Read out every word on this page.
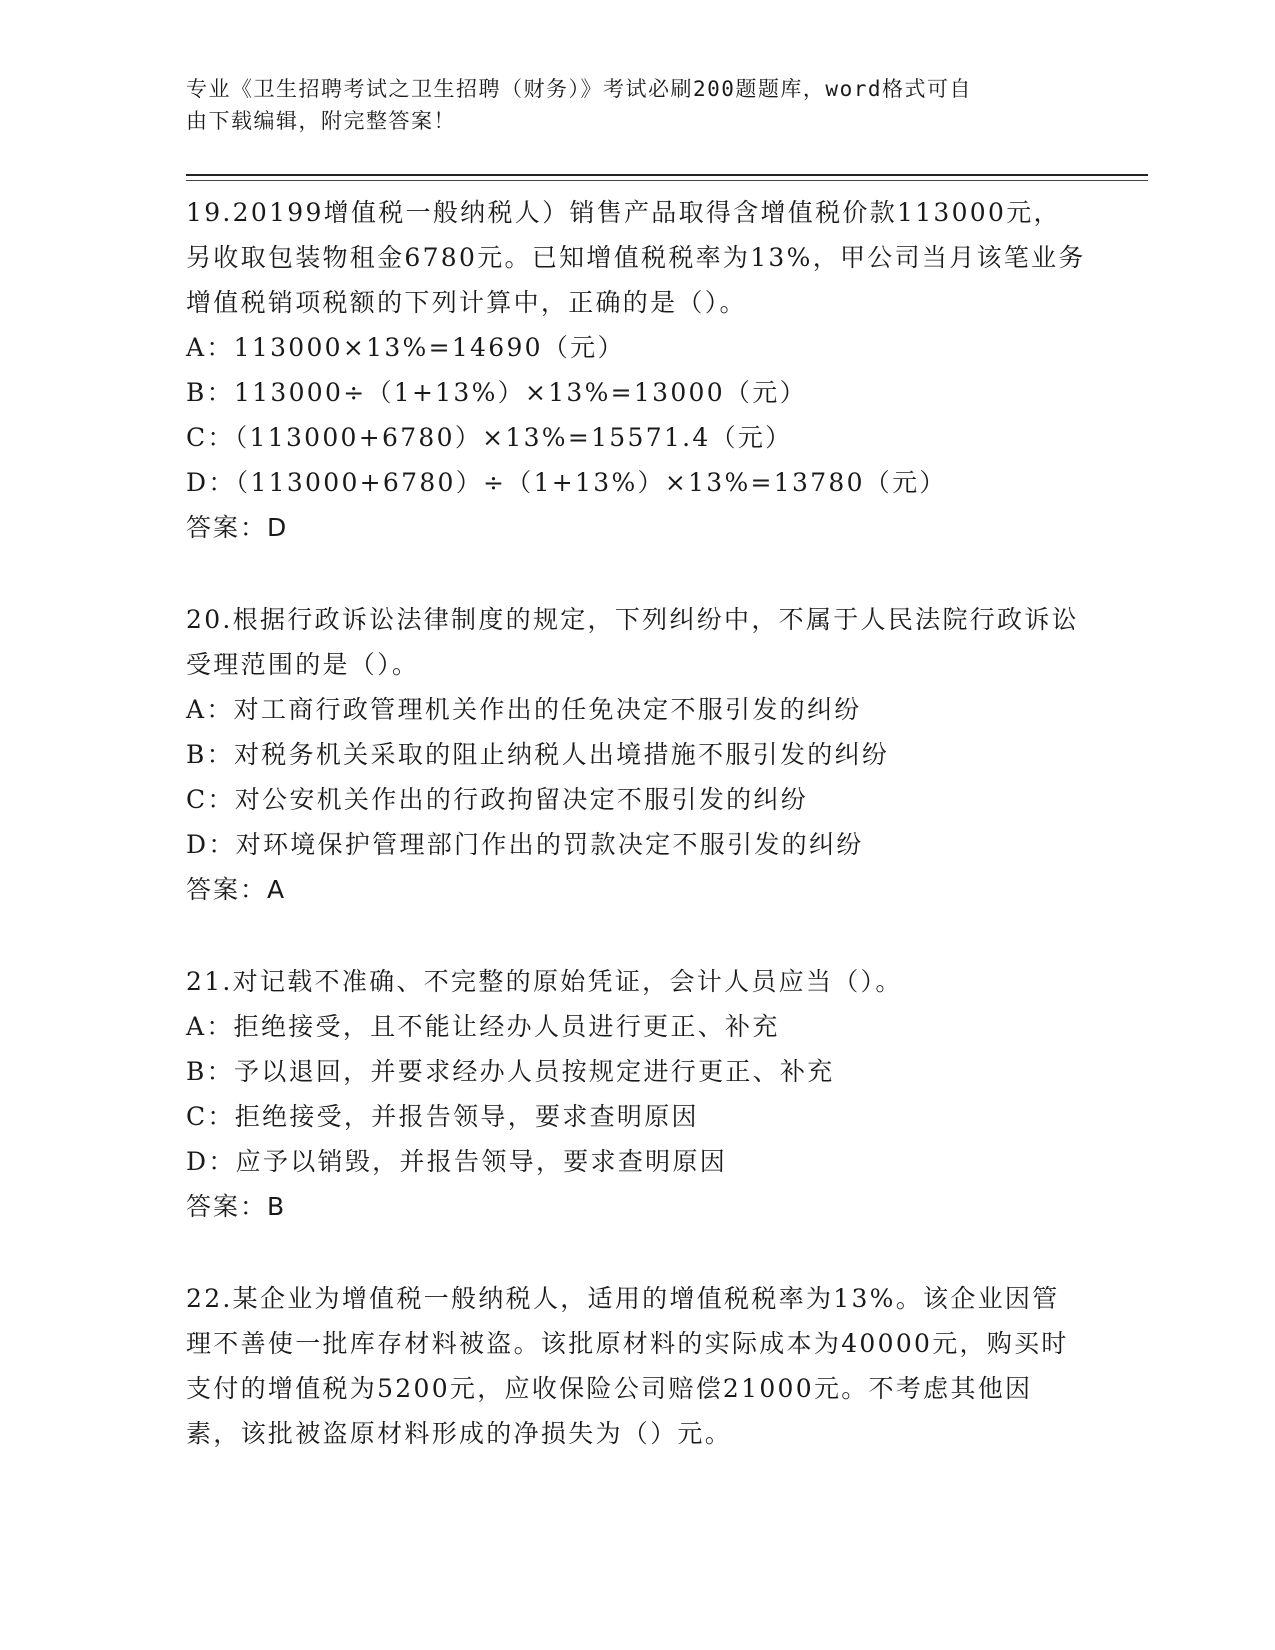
专业《卫生招聘考试之卫生招聘（财务）》考试必刷200题题库，word格式可自
由下载编辑，附完整答案！

19.20199增值税一般纳税人）销售产品取得含增值税价款113000元，另收取包装物租金6780元。已知增值税税率为13%，甲公司当月该笔业务增值税销项税额的下列计算中，正确的是（）。

A：113000×13%=14690（元）

B：113000÷（1+13%）×13%=13000（元）

C：（113000+6780）×13%=15571.4（元）

D：（113000+6780）÷（1+13%）×13%=13780（元）

答案：D

20.根据行政诉讼法律制度的规定，下列纠纷中，不属于人民法院行政诉讼受理范围的是（）。

A：对工商行政管理机关作出的任免决定不服引发的纠纷

B：对税务机关采取的阻止纳税人出境措施不服引发的纠纷

C：对公安机关作出的行政拘留决定不服引发的纠纷

D：对环境保护管理部门作出的罚款决定不服引发的纠纷

答案：A

21.对记载不准确、不完整的原始凭证，会计人员应当（）。

A：拒绝接受，且不能让经办人员进行更正、补充

B：予以退回，并要求经办人员按规定进行更正、补充

C：拒绝接受，并报告领导，要求查明原因

D：应予以销毁，并报告领导，要求查明原因

答案：B

22.某企业为增值税一般纳税人，适用的增值税税率为13%。该企业因管理不善使一批库存材料被盗。该批原材料的实际成本为40000元，购买时支付的增值税为5200元，应收保险公司赔偿21000元。不考虑其他因素，该批被盗原材料形成的净损失为（）元。
